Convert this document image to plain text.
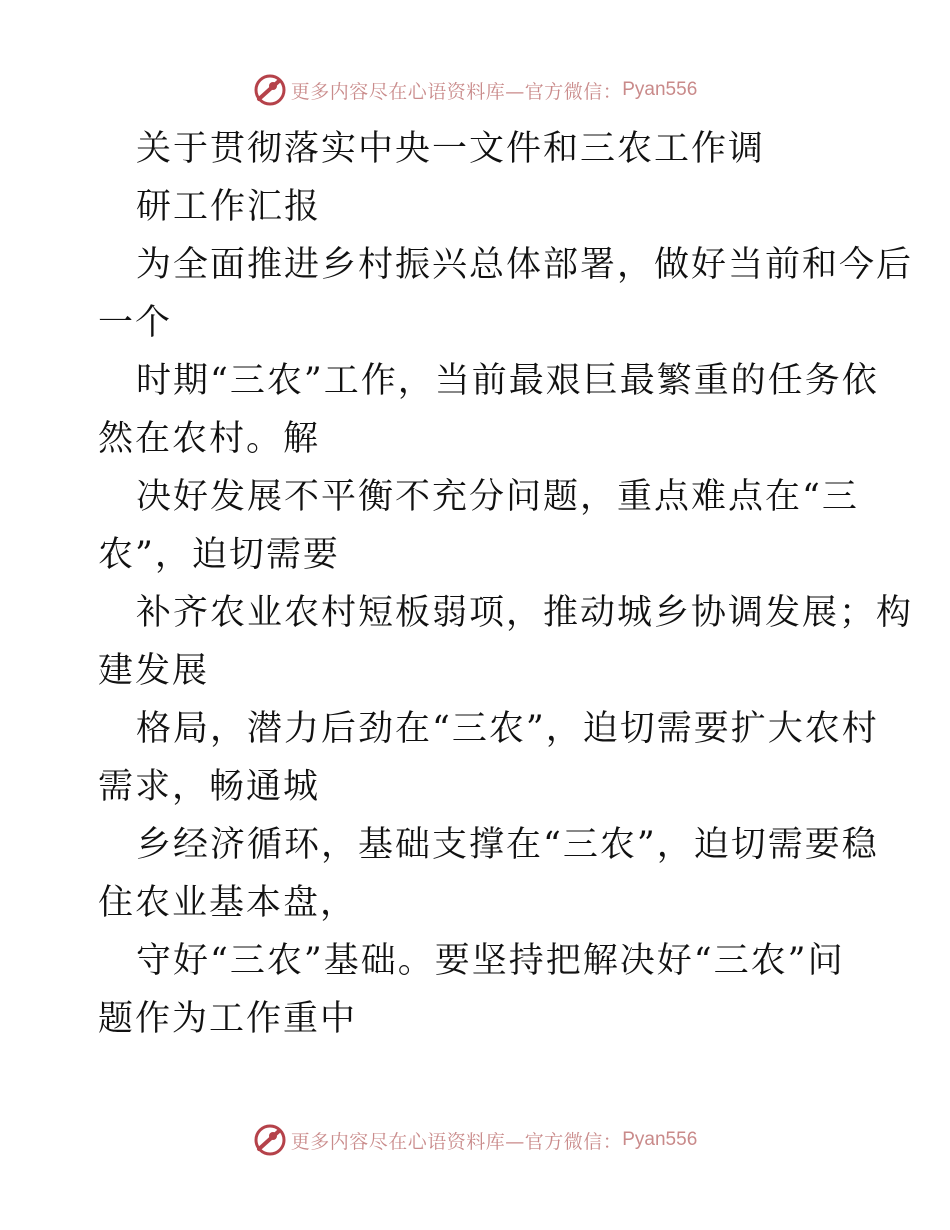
更多内容尽在心语资料库—官方微信： Pyan556
关于贯彻落实中央一文件和三农工作调
研工作汇报
为全面推进乡村振兴总体部署，做好当前和今后
一个
时期“三农”工作，当前最艰巨最繁重的任务依
然在农村。解
决好发展不平衡不充分问题，重点难点在“三
农”，迫切需要
补齐农业农村短板弱项，推动城乡协调发展；构
建发展
格局，潜力后劲在“三农”，迫切需要扩大农村
需求，畅通城
乡经济循环，基础支撑在“三农”，迫切需要稳
住农业基本盘，
守好“三农”基础。要坚持把解决好“三农”问
题作为工作重中
更多内容尽在心语资料库—官方微信： Pyan556
